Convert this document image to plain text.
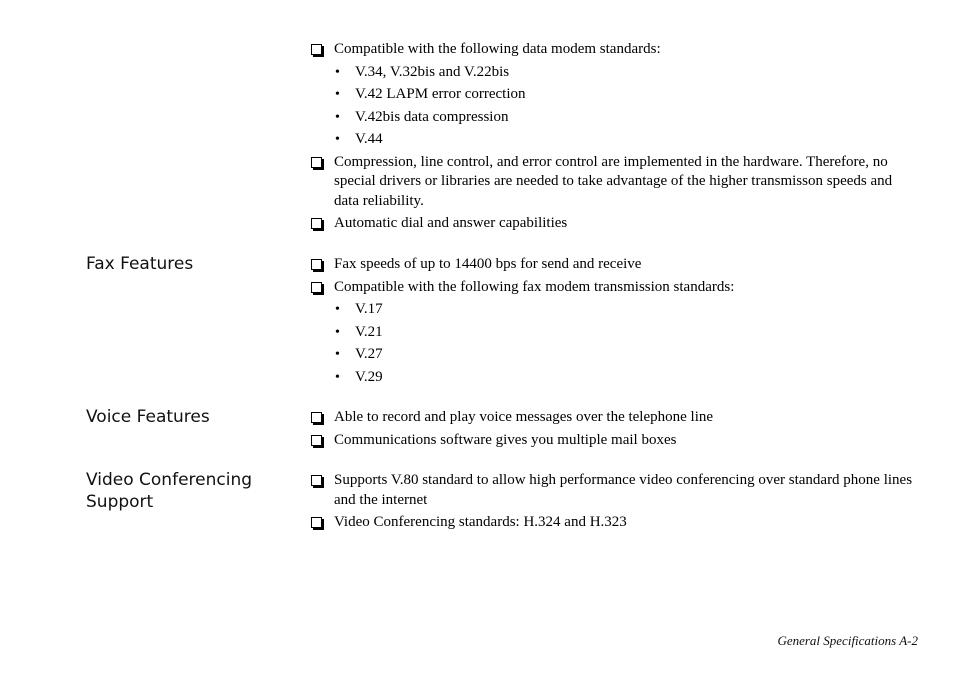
Compatible with the following data modem standards:
• V.34, V.32bis and V.22bis
• V.42 LAPM error correction
• V.42bis data compression
• V.44
Compression, line control, and error control are implemented in the hardware. Therefore, no special drivers or libraries are needed to take advantage of the higher transmisson speeds and data reliability.
Automatic dial and answer capabilities
Fax Features	Fax speeds of up to 14400 bps for send and receive
Compatible with the following fax modem transmission standards:
• V.17
• V.21
• V.27
• V.29
Voice Features	Able to record and play voice messages over the telephone line
Communications software gives you multiple mail boxes
Video Conferencing Support
Supports V.80 standard to allow high performance video conferencing over standard phone lines and the internet
Video Conferencing standards: H.324 and H.323
General Specifications A-2
